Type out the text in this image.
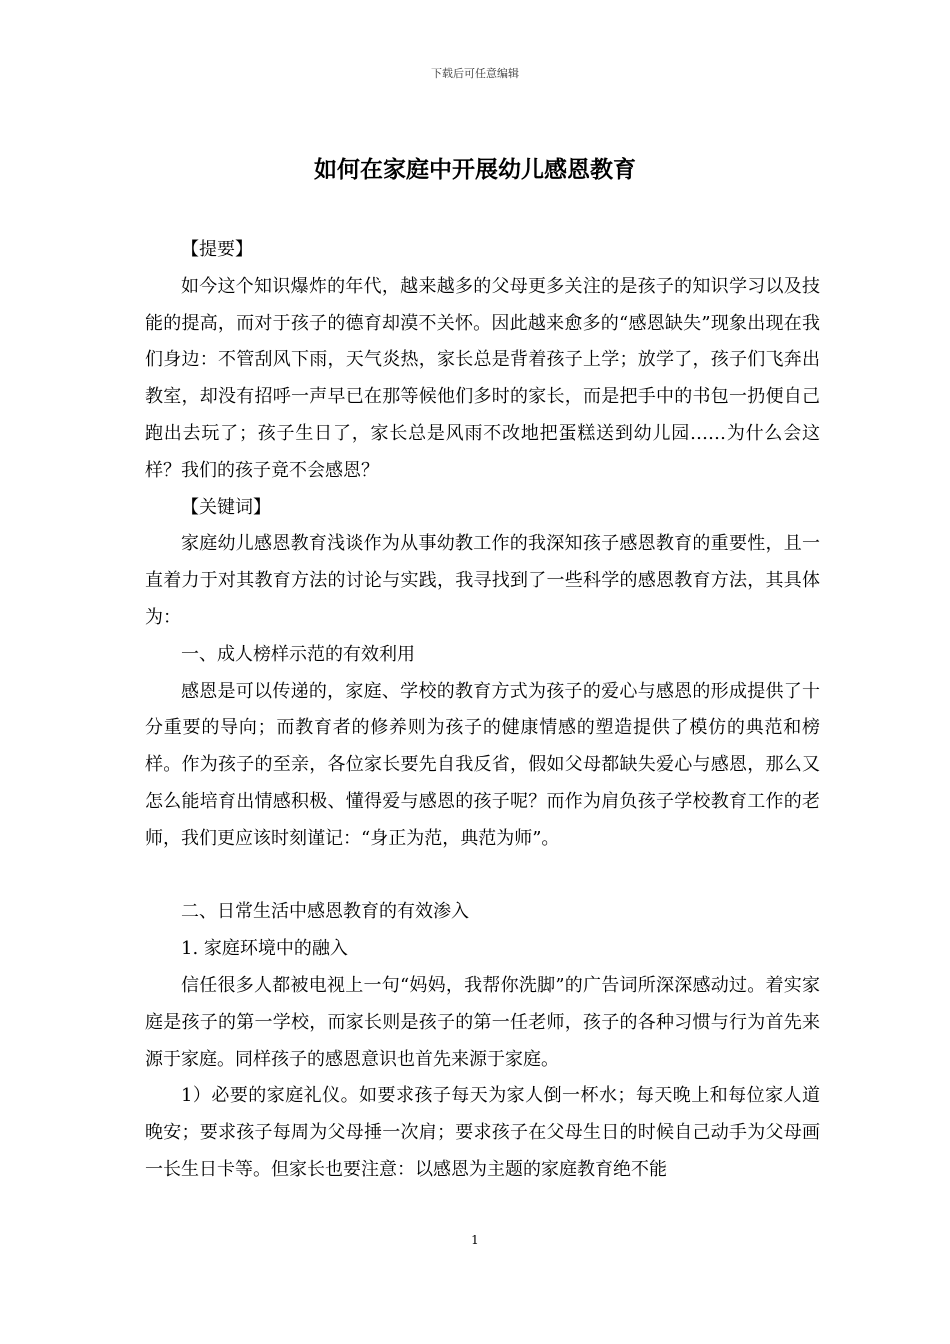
下载后可任意编辑
如何在家庭中开展幼儿感恩教育

【提要】

如今这个知识爆炸的年代，越来越多的父母更多关注的是孩子的知识学习以及技能的提高，而对于孩子的德育却漠不关怀。因此越来愈多的“感恩缺失”现象出现在我们身边：不管刮风下雨，天气炎热，家长总是背着孩子上学；放学了，孩子们飞奔出教室，却没有招呼一声早已在那等候他们多时的家长，而是把手中的书包一扔便自己跑出去玩了；孩子生日了，家长总是风雨不改地把蛋糕送到幼儿园……为什么会这样？我们的孩子竟不会感恩？

【关键词】

家庭幼儿感恩教育浅谈作为从事幼教工作的我深知孩子感恩教育的重要性，且一直着力于对其教育方法的讨论与实践，我寻找到了一些科学的感恩教育方法，其具体为：

一、成人榜样示范的有效利用

感恩是可以传递的，家庭、学校的教育方式为孩子的爱心与感恩的形成提供了十分重要的导向；而教育者的修养则为孩子的健康情感的塑造提供了模仿的典范和榜样。作为孩子的至亲，各位家长要先自我反省，假如父母都缺失爱心与感恩，那么又怎么能培育出情感积极、懂得爱与感恩的孩子呢？而作为肩负孩子学校教育工作的老师，我们更应该时刻谨记：“身正为范，典范为师”。

二、日常生活中感恩教育的有效渗入

1. 家庭环境中的融入

信任很多人都被电视上一句“妈妈，我帮你洗脚”的广告词所深深感动过。着实家庭是孩子的第一学校，而家长则是孩子的第一任老师，孩子的各种习惯与行为首先来源于家庭。同样孩子的感恩意识也首先来源于家庭。

1）必要的家庭礼仪。如要求孩子每天为家人倒一杯水；每天晚上和每位家人道晚安；要求孩子每周为父母捶一次肩；要求孩子在父母生日的时候自己动手为父母画一长生日卡等。但家长也要注意：以感恩为主题的家庭教育绝不能

1
